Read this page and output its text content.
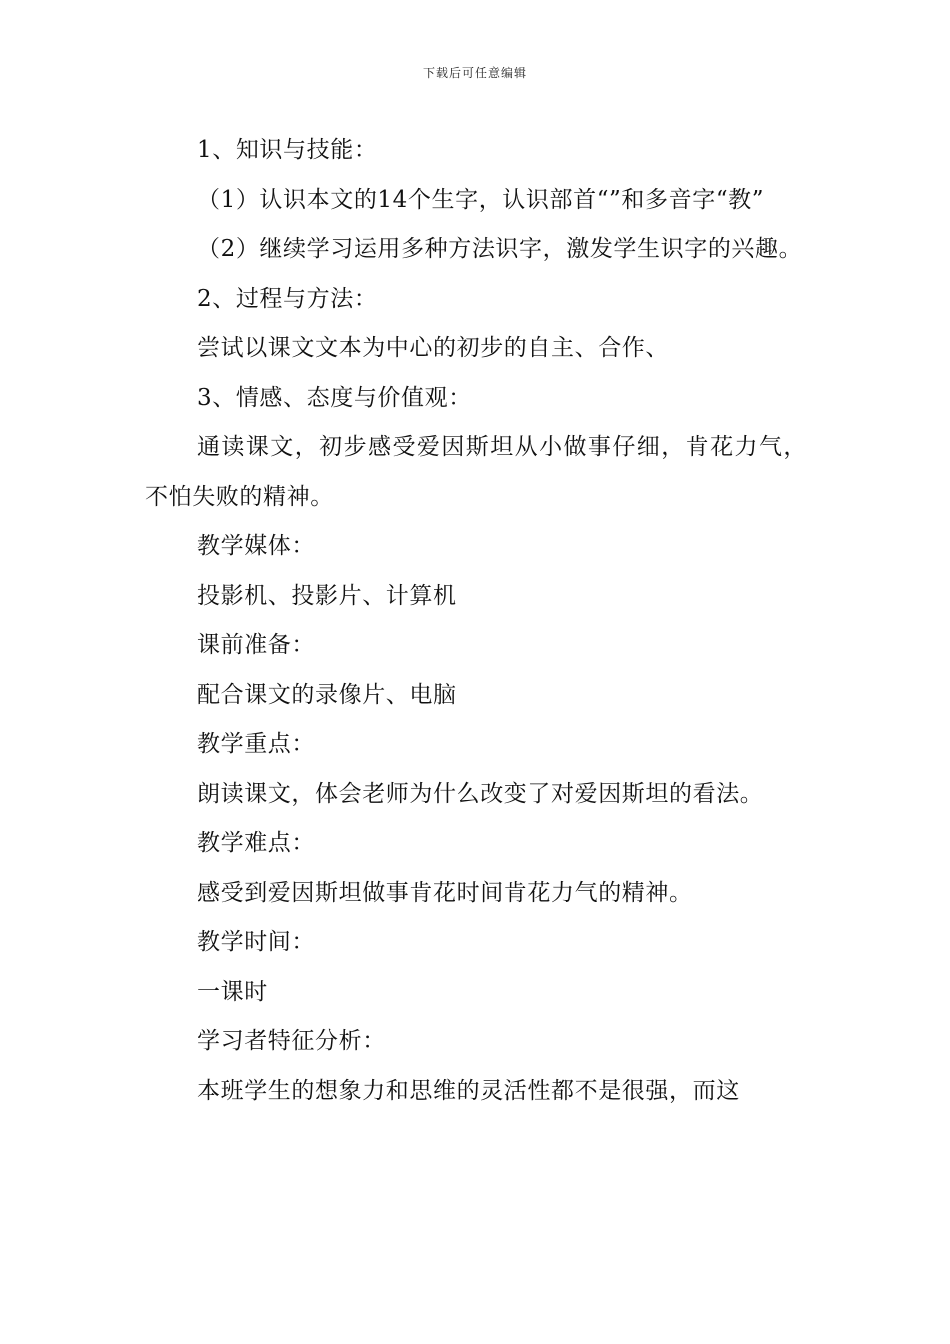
下载后可任意编辑

1、知识与技能：

（1）认识本文的14个生字，认识部首“”和多音字“教”

（2）继续学习运用多种方法识字，激发学生识字的兴趣。

2、过程与方法：

尝试以课文文本为中心的初步的自主、合作、

3、情感、态度与价值观：

通读课文，初步感受爱因斯坦从小做事仔细，肯花力气，不怕失败的精神。

教学媒体：

投影机、投影片、计算机

课前准备：

配合课文的录像片、电脑

教学重点：

朗读课文，体会老师为什么改变了对爱因斯坦的看法。

教学难点：

感受到爱因斯坦做事肯花时间肯花力气的精神。

教学时间：

一课时

学习者特征分析：

本班学生的想象力和思维的灵活性都不是很强，而这
